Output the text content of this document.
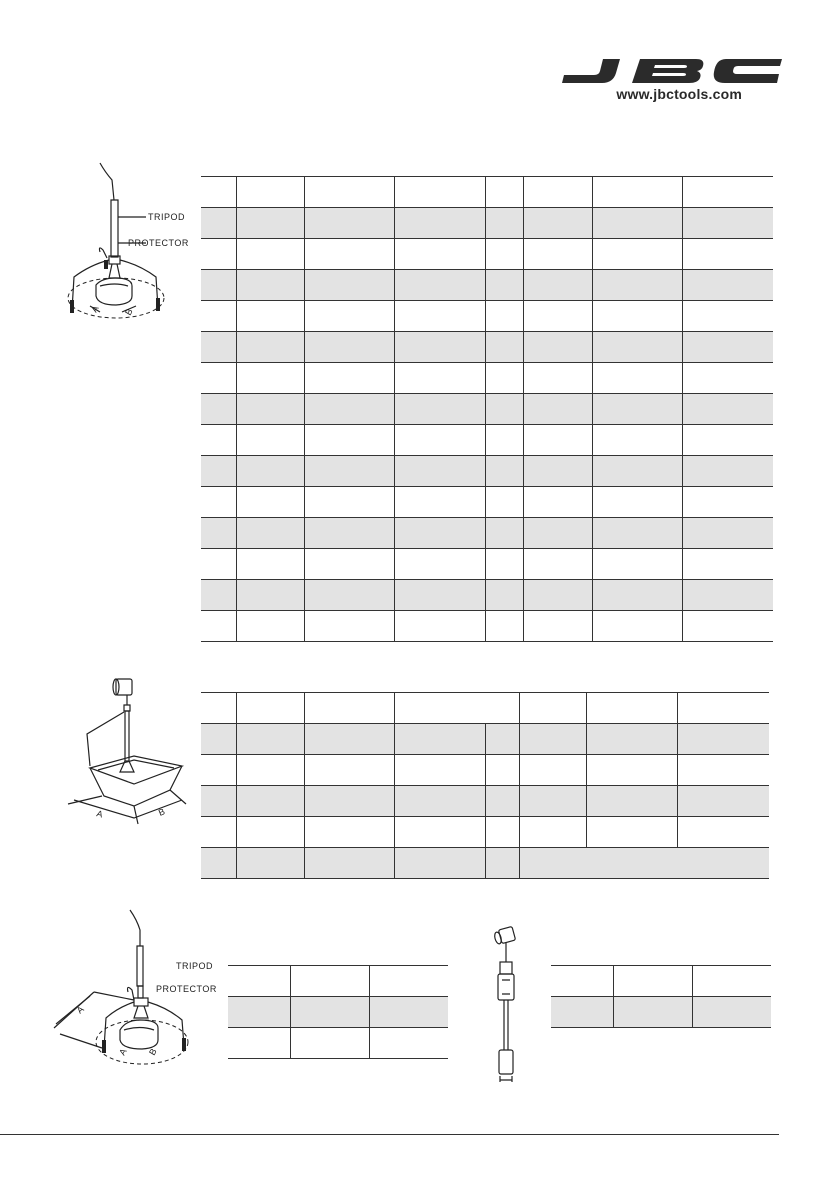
www.jbctools.com
A B
TRIPOD
PROTECTOR

A	B

A
A B
TRIPOD
PROTECTOR
